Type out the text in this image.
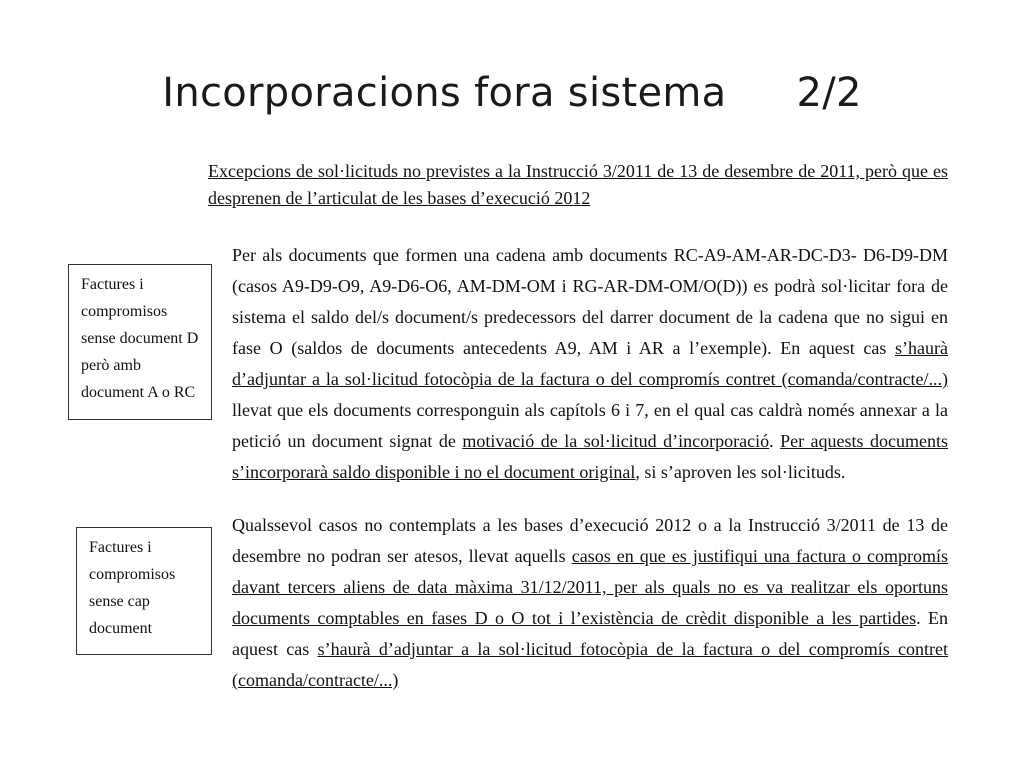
Incorporacions fora sistema 2/2
Excepcions de sol·licituds no previstes a la Instrucció 3/2011 de 13 de desembre de 2011, però que es desprenen de l’articulat de les bases d’execució 2012
Factures i
compromisos
sense document D
però amb
document A o RC
Per als documents que formen una cadena amb documents RC-A9-AM-AR-DC-D3- D6-D9-DM (casos A9-D9-O9, A9-D6-O6, AM-DM-OM i RG-AR-DM-OM/O(D)) es podrà sol·licitar fora de sistema el saldo del/s document/s predecessors del darrer document de la cadena que no sigui en fase O (saldos de documents antecedents A9, AM i AR a l’exemple). En aquest cas s’haurà d’adjuntar a la sol·licitud fotocòpia de la factura o del compromís contret (comanda/contracte/...) llevat que els documents corresponguin als capítols 6 i 7, en el qual cas caldrà només annexar a la petició un document signat de motivació de la sol·licitud d’incorporació. Per aquests documents s’incorporarà saldo disponible i no el document original, si s’aproven les sol·licituds.
Factures i
compromisos
sense cap
document
Qualssevol casos no contemplats a les bases d’execució 2012 o a la Instrucció 3/2011 de 13 de desembre no podran ser atesos, llevat aquells casos en que es justifiqui una factura o compromís davant tercers aliens de data màxima 31/12/2011, per als quals no es va realitzar els oportuns documents comptables en fases D o O tot i l’existència de crèdit disponible a les partides. En aquest cas s’haurà d’adjuntar a la sol·licitud fotocòpia de la factura o del compromís contret (comanda/contracte/...)
